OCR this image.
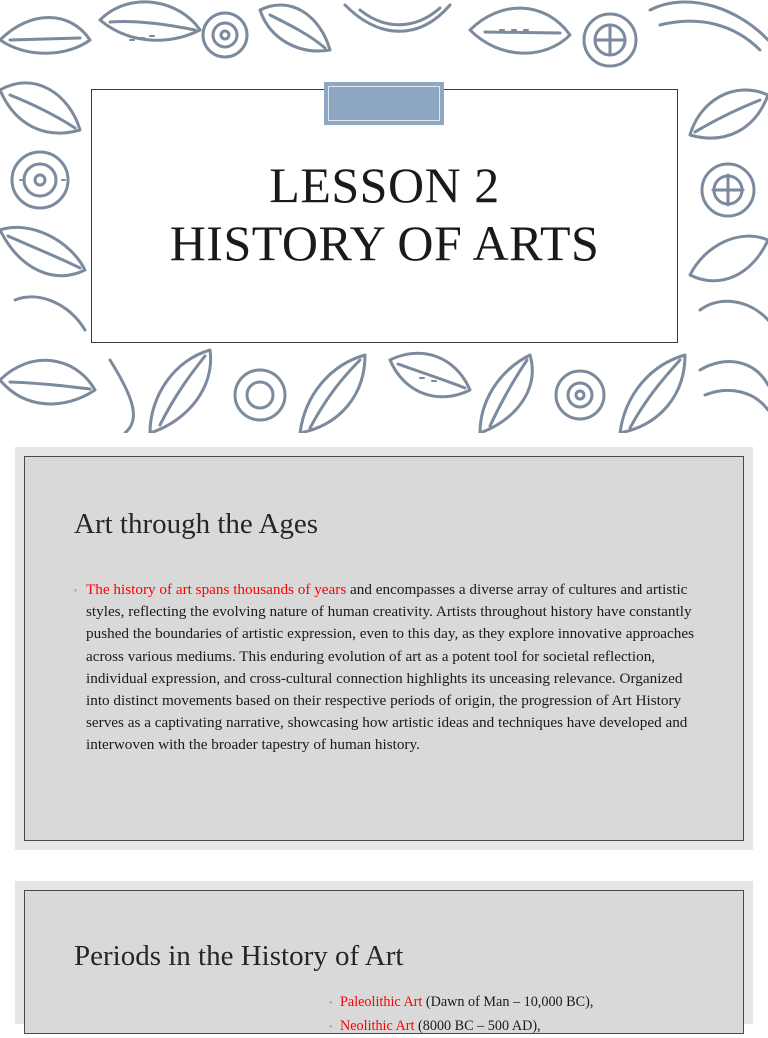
LESSON 2
HISTORY OF ARTS
Art through the Ages
◦ The history of art spans thousands of years and encompasses a diverse array of cultures and artistic styles, reflecting the evolving nature of human creativity. Artists throughout history have constantly pushed the boundaries of artistic expression, even to this day, as they explore innovative approaches across various mediums. This enduring evolution of art as a potent tool for societal reflection, individual expression, and cross-cultural connection highlights its unceasing relevance. Organized into distinct movements based on their respective periods of origin, the progression of Art History serves as a captivating narrative, showcasing how artistic ideas and techniques have developed and interwoven with the broader tapestry of human history.
Periods in the History of Art
◦ Paleolithic Art (Dawn of Man – 10,000 BC),
◦ Neolithic Art (8000 BC – 500 AD),
